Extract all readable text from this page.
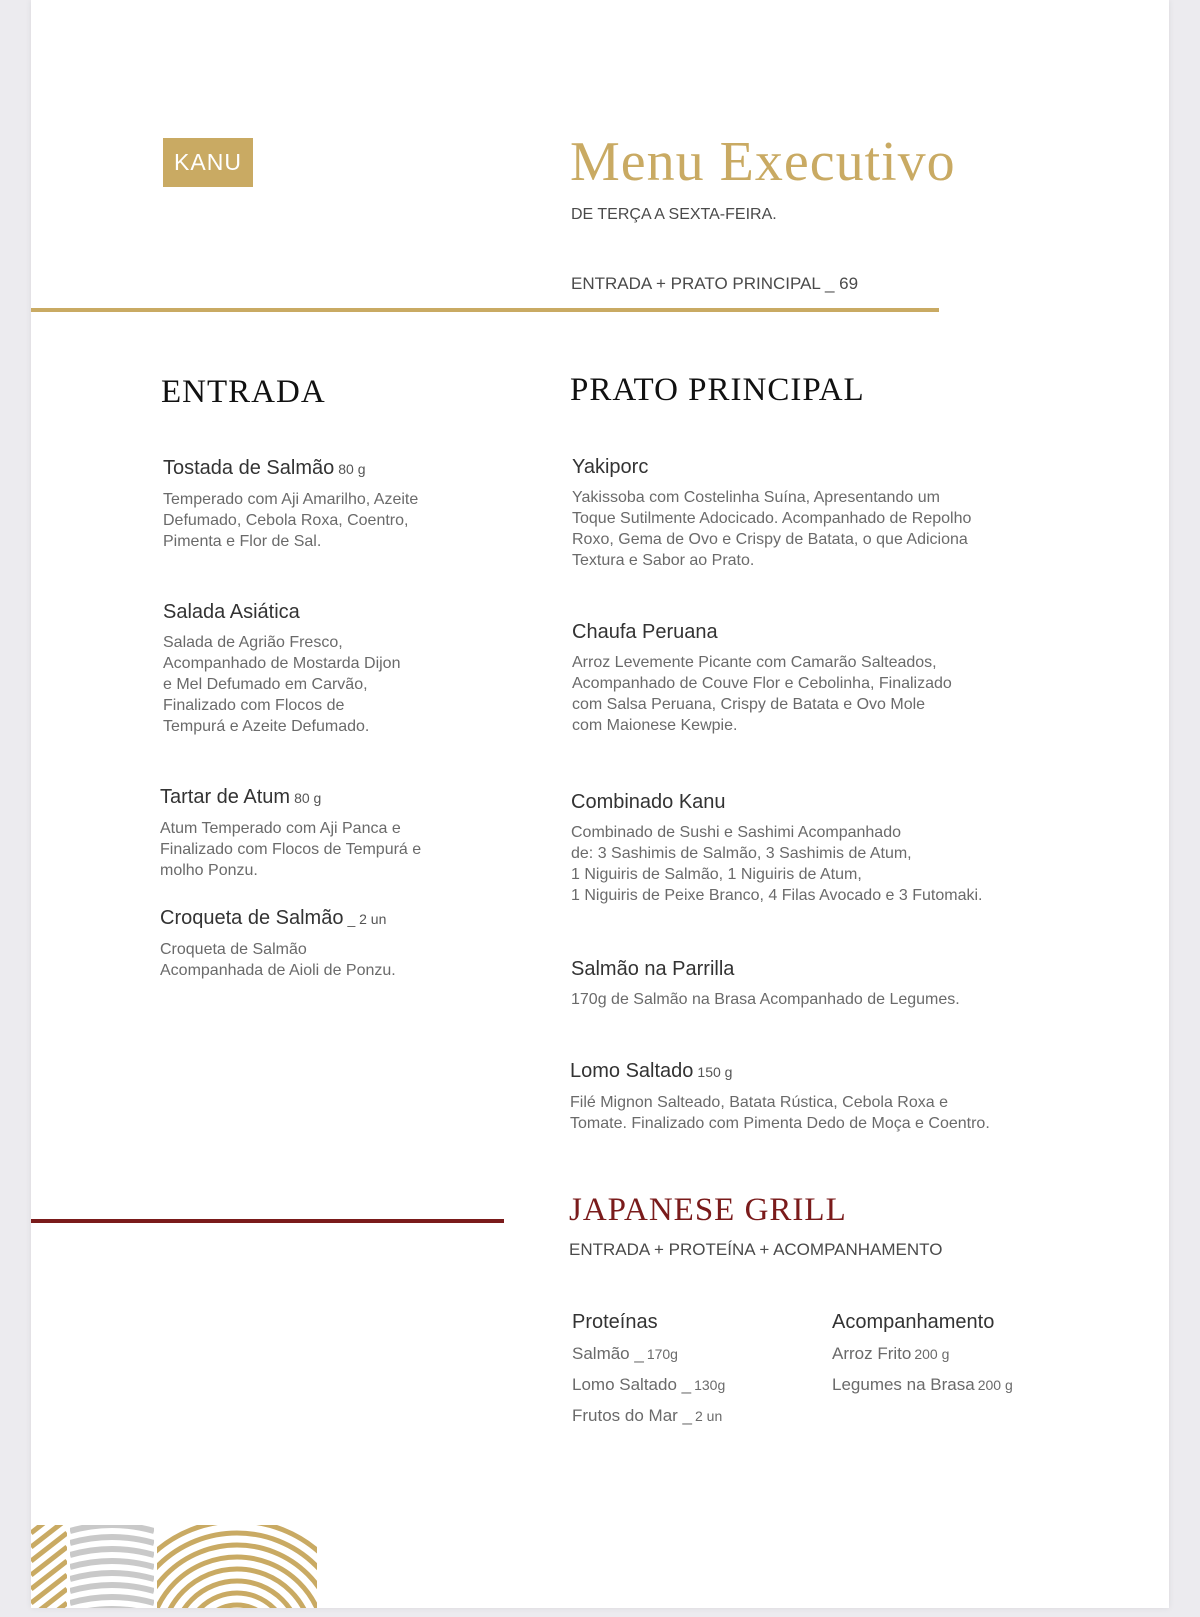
KANU	Menu Executivo
DE TERÇA A SEXTA-FEIRA.
ENTRADA + PRATO PRINCIPAL _ 69
ENTRADA
Tostada de Salmão 80 g
Temperado com Aji Amarilho, Azeite
Defumado, Cebola Roxa, Coentro,
Pimenta e Flor de Sal.
Salada Asiática
Salada de Agrião Fresco,
Acompanhado de Mostarda Dijon
e Mel Defumado em Carvão,
Finalizado com Flocos de
Tempurá e Azeite Defumado.
Tartar de Atum 80 g
Atum Temperado com Aji Panca e
Finalizado com Flocos de Tempurá e
molho Ponzu.
Croqueta de Salmão _ 2 un
Croqueta de Salmão
Acompanhada de Aioli de Ponzu.
PRATO PRINCIPAL
Yakiporc
Yakissoba com Costelinha Suína, Apresentando um
Toque Sutilmente Adocicado. Acompanhado de Repolho
Roxo, Gema de Ovo e Crispy de Batata, o que Adiciona
Textura e Sabor ao Prato.
Chaufa Peruana
Arroz Levemente Picante com Camarão Salteados,
Acompanhado de Couve Flor e Cebolinha, Finalizado
com Salsa Peruana, Crispy de Batata e Ovo Mole
com Maionese Kewpie.
Combinado Kanu
Combinado de Sushi e Sashimi Acompanhado
de: 3 Sashimis de Salmão, 3 Sashimis de Atum,
1 Niguiris de Salmão, 1 Niguiris de Atum,
1 Niguiris de Peixe Branco, 4 Filas Avocado e 3 Futomaki.
Salmão na Parrilla
170g de Salmão na Brasa Acompanhado de Legumes.
Lomo Saltado 150 g
Filé Mignon Salteado, Batata Rústica, Cebola Roxa e
Tomate. Finalizado com Pimenta Dedo de Moça e Coentro.
JAPANESE GRILL
ENTRADA + PROTEÍNA + ACOMPANHAMENTO
Proteínas
Salmão _ 170g
Lomo Saltado _ 130g
Frutos do Mar _ 2 un
Acompanhamento
Arroz Frito 200 g
Legumes na Brasa 200 g
